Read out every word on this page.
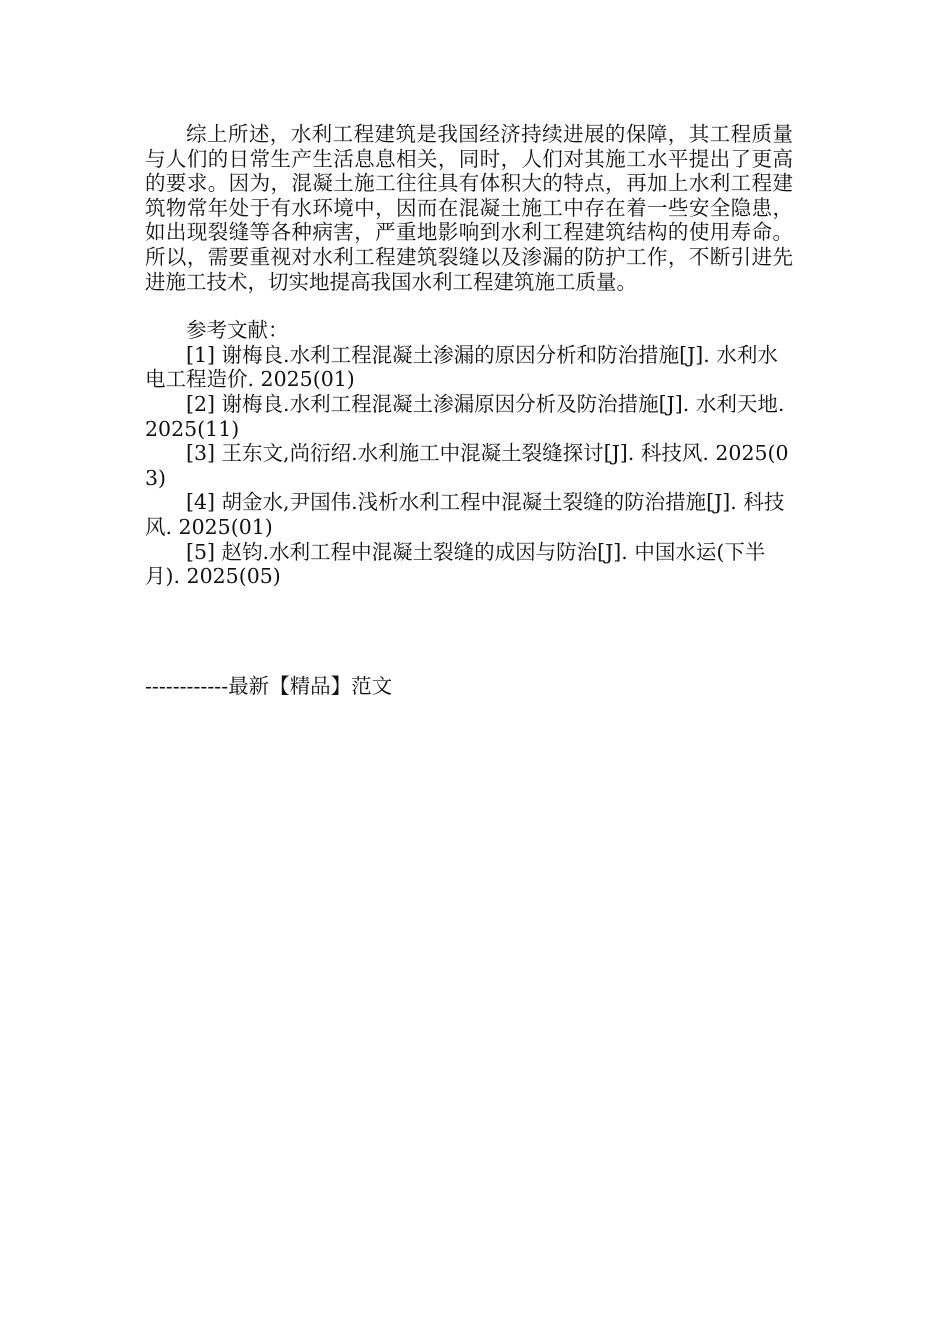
综上所述，水利工程建筑是我国经济持续进展的保障，其工程质量与人们的日常生产生活息息相关，同时，人们对其施工水平提出了更高的要求。因为，混凝土施工往往具有体积大的特点，再加上水利工程建筑物常年处于有水环境中，因而在混凝土施工中存在着一些安全隐患，如出现裂缝等各种病害，严重地影响到水利工程建筑结构的使用寿命。所以，需要重视对水利工程建筑裂缝以及渗漏的防护工作，不断引进先进施工技术，切实地提高我国水利工程建筑施工质量。

参考文献：

[1] 谢梅良.水利工程混凝土渗漏的原因分析和防治措施[J]. 水利水电工程造价. 2025(01)

[2] 谢梅良.水利工程混凝土渗漏原因分析及防治措施[J]. 水利天地. 2025(11)

[3] 王东文,尚衍绍.水利施工中混凝土裂缝探讨[J]. 科技风. 2025(03)

[4] 胡金水,尹国伟.浅析水利工程中混凝土裂缝的防治措施[J]. 科技风. 2025(01)

[5] 赵钧.水利工程中混凝土裂缝的成因与防治[J]. 中国水运(下半月). 2025(05)

------------最新【精品】范文
